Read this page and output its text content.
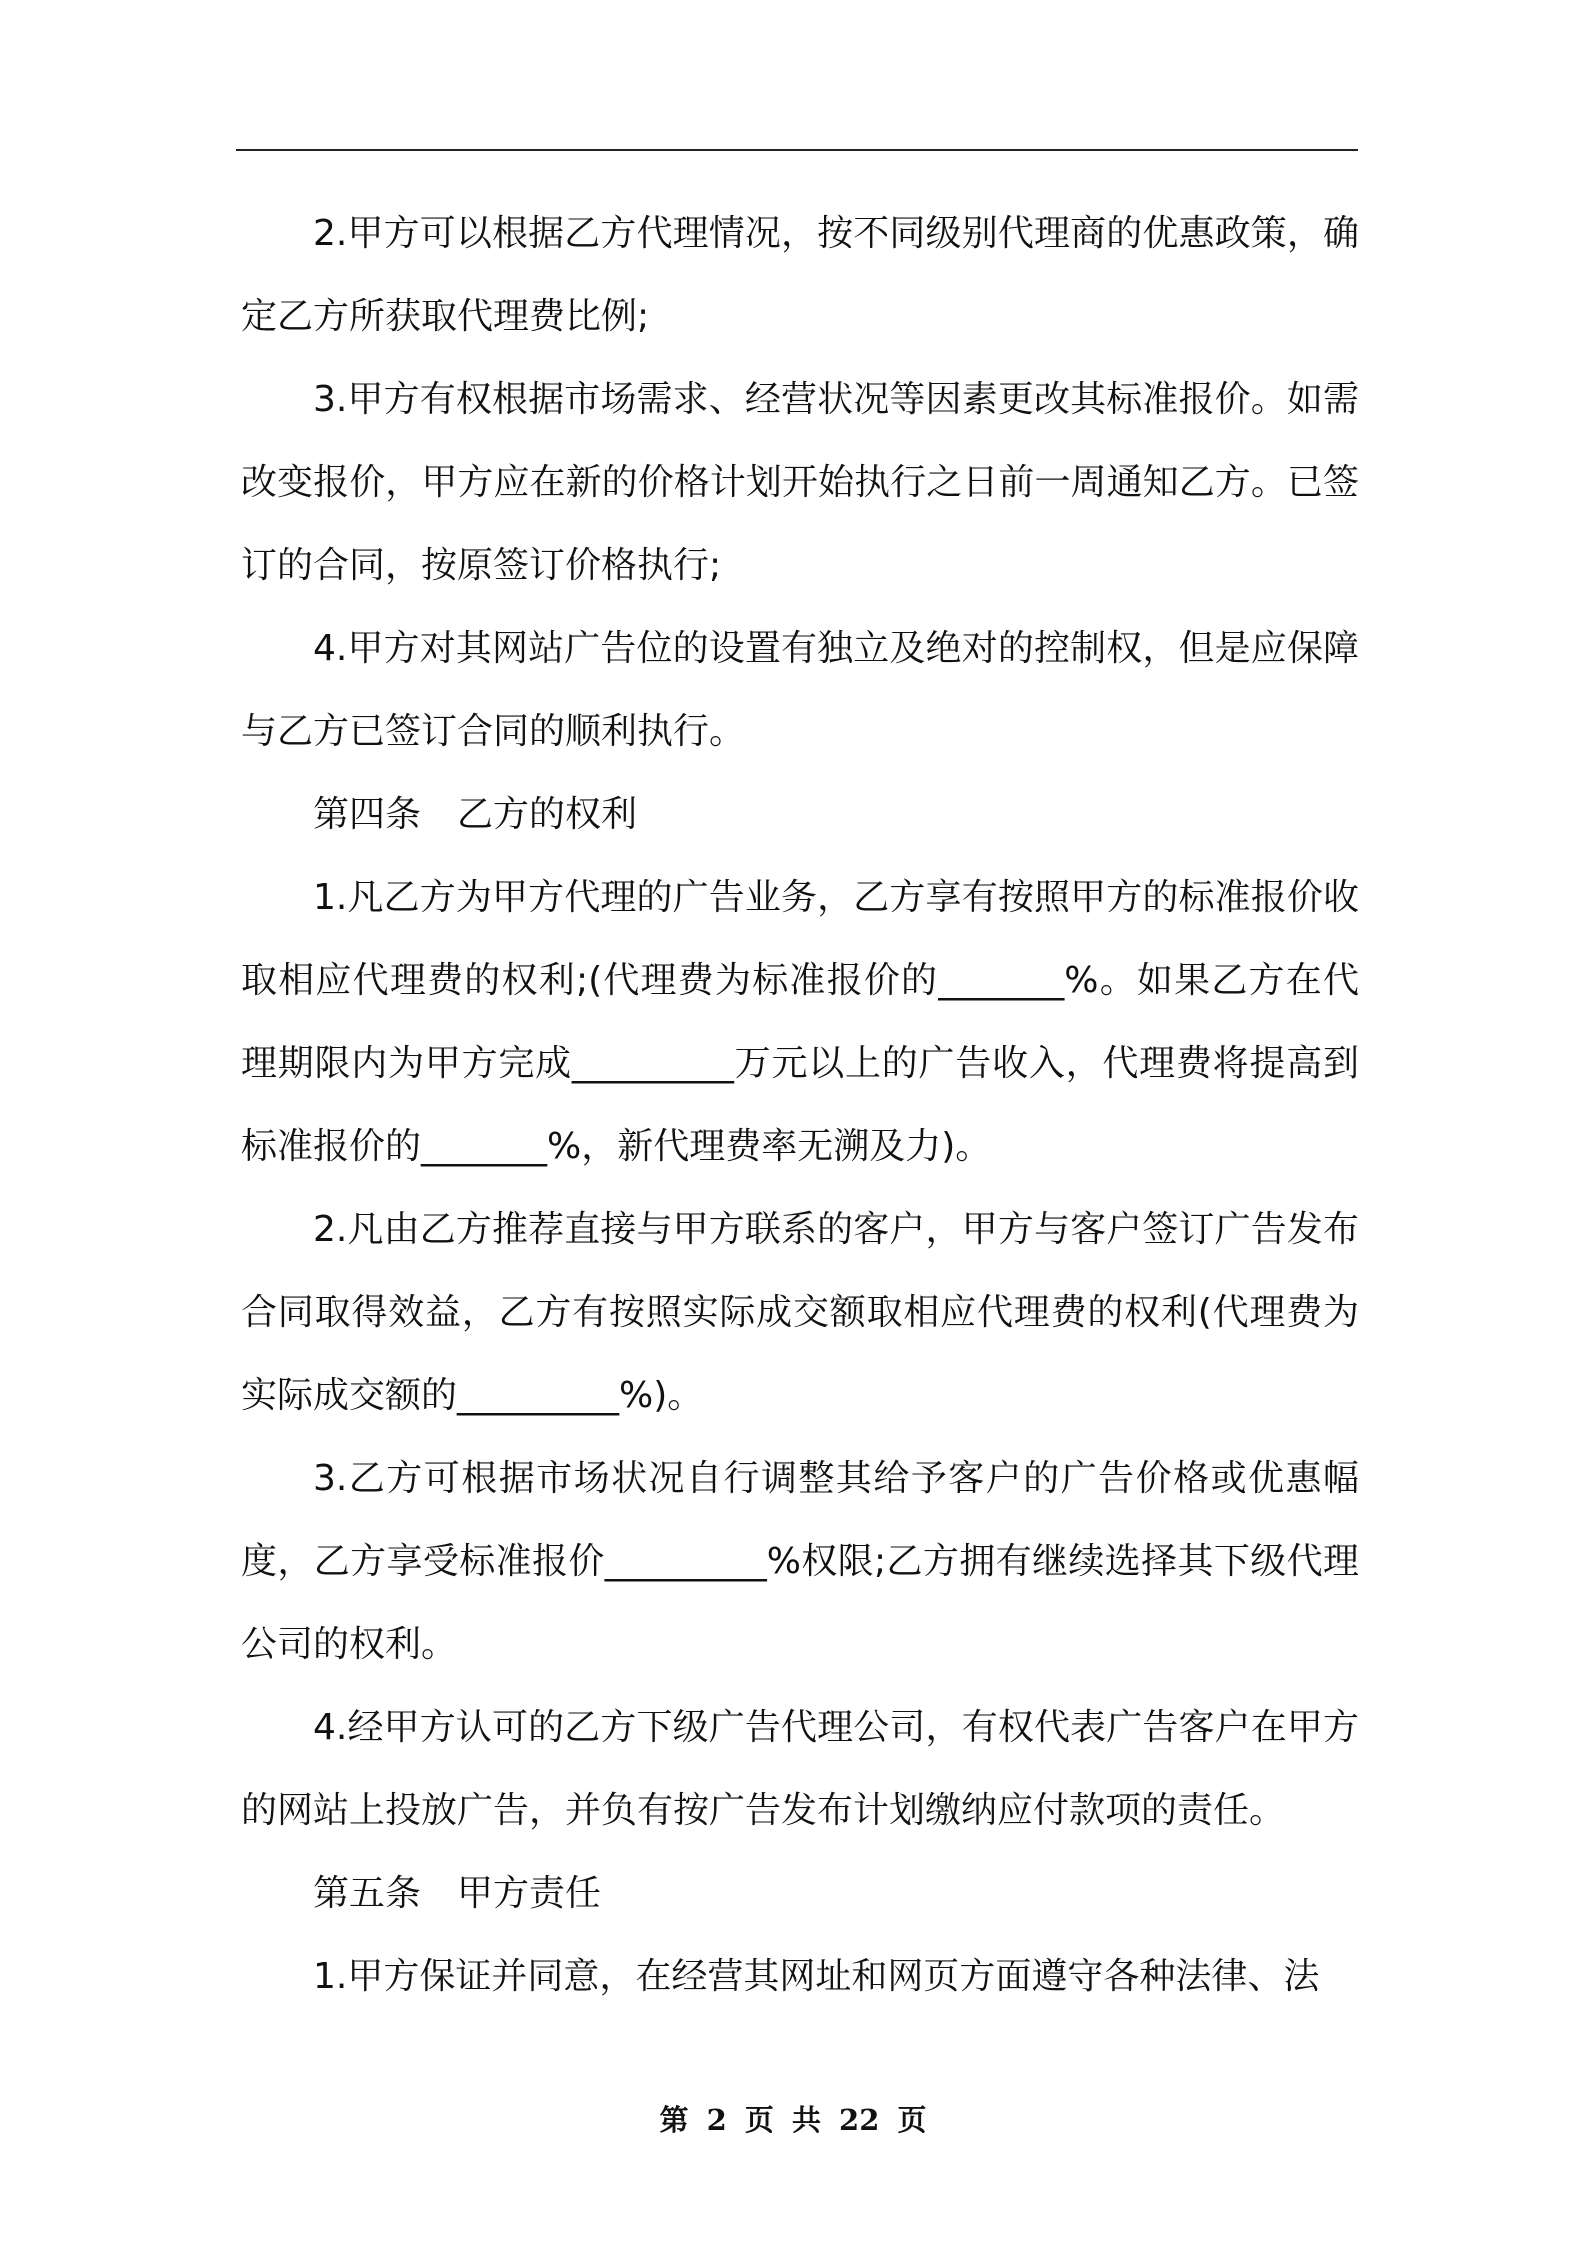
2.甲方可以根据乙方代理情况，按不同级别代理商的优惠政策，确定乙方所获取代理费比例;

3.甲方有权根据市场需求、经营状况等因素更改其标准报价。如需改变报价，甲方应在新的价格计划开始执行之日前一周通知乙方。已签订的合同，按原签订价格执行;

4.甲方对其网站广告位的设置有独立及绝对的控制权，但是应保障与乙方已签订合同的顺利执行。

第四条　乙方的权利

1.凡乙方为甲方代理的广告业务，乙方享有按照甲方的标准报价收取相应代理费的权利;(代理费为标准报价的_______%。如果乙方在代理期限内为甲方完成_________万元以上的广告收入，代理费将提高到标准报价的_______%，新代理费率无溯及力)。

2.凡由乙方推荐直接与甲方联系的客户，甲方与客户签订广告发布合同取得效益，乙方有按照实际成交额取相应代理费的权利(代理费为实际成交额的_________%)。

3.乙方可根据市场状况自行调整其给予客户的广告价格或优惠幅度，乙方享受标准报价_________%权限;乙方拥有继续选择其下级代理公司的权利。

4.经甲方认可的乙方下级广告代理公司，有权代表广告客户在甲方的网站上投放广告，并负有按广告发布计划缴纳应付款项的责任。

第五条　甲方责任

1.甲方保证并同意，在经营其网址和网页方面遵守各种法律、法

第 2 页 共 22 页
